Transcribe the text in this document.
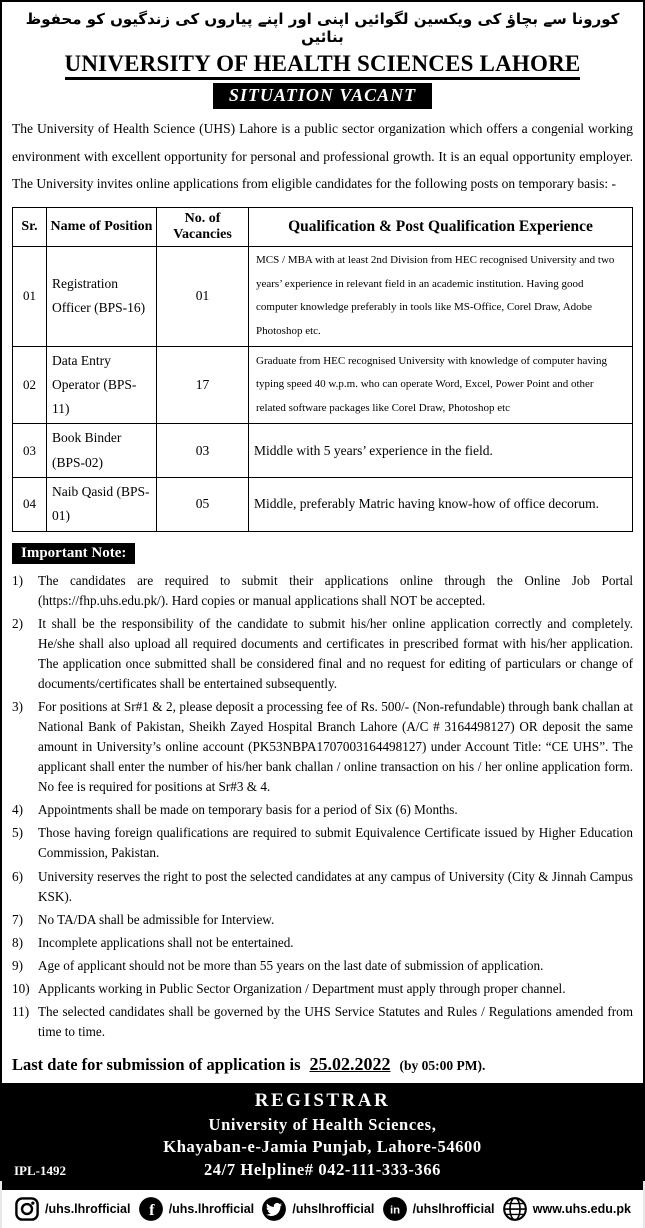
کورونا سے بچاؤ کی ویکسین لگوائیں اپنی اور اپنے پیاروں کی زندگیوں کو محفوظ بنائیں
UNIVERSITY OF HEALTH SCIENCES LAHORE
SITUATION VACANT

The University of Health Science (UHS) Lahore is a public sector organization which offers a congenial working environment with excellent opportunity for personal and professional growth. It is an equal opportunity employer. The University invites online applications from eligible candidates for the following posts on temporary basis: -

Sr.	Name of Position	No. of Vacancies	Qualification & Post Qualification Experience
01	Registration Officer (BPS-16)	01	MCS / MBA with at least 2nd Division from HEC recognised University and two years’ experience in relevant field in an academic institution. Having good computer knowledge preferably in tools like MS-Office, Corel Draw, Adobe Photoshop etc.
02	Data Entry Operator (BPS-11)	17	Graduate from HEC recognised University with knowledge of computer having typing speed 40 w.p.m. who can operate Word, Excel, Power Point and other related software packages like Corel Draw, Photoshop etc
03	Book Binder (BPS-02)	03	Middle with 5 years’ experience in the field.
04	Naib Qasid (BPS-01)	05	Middle, preferably Matric having know-how of office decorum.
Important Note:
1)	The candidates are required to submit their applications online through the Online Job Portal (https://fhp.uhs.edu.pk/). Hard copies or manual applications shall NOT be accepted.
2)	It shall be the responsibility of the candidate to submit his/her online application correctly and completely. He/she shall also upload all required documents and certificates in prescribed format with his/her application. The application once submitted shall be considered final and no request for editing of particulars or change of documents/certificates shall be entertained subsequently.
3)	For positions at Sr#1 & 2, please deposit a processing fee of Rs. 500/- (Non-refundable) through bank challan at National Bank of Pakistan, Sheikh Zayed Hospital Branch Lahore (A/C # 3164498127) OR deposit the same amount in University’s online account (PK53NBPA1707003164498127) under Account Title: “CE UHS”. The applicant shall enter the number of his/her bank challan / online transaction on his / her online application form. No fee is required for positions at Sr#3 & 4.
4)	Appointments shall be made on temporary basis for a period of Six (6) Months.
5)	Those having foreign qualifications are required to submit Equivalence Certificate issued by Higher Education Commission, Pakistan.
6)	University reserves the right to post the selected candidates at any campus of University (City & Jinnah Campus KSK).
7)	No TA/DA shall be admissible for Interview.
8)	Incomplete applications shall not be entertained.
9)	Age of applicant should not be more than 55 years on the last date of submission of application.
10) Applicants working in Public Sector Organization / Department must apply through proper channel.
11) The selected candidates shall be governed by the UHS Service Statutes and Rules / Regulations amended from time to time.
Last date for submission of application is 25.02.2022 (by 05:00 PM).
IPL-1492
REGISTRAR
University of Health Sciences,
Khayaban-e-Jamia Punjab, Lahore-54600
24/7 Helpline# 042-111-333-366
/uhs.lhrofficial f /uhs.lhrofficial	/uhslhrofficial in /uhslhrofficial	www.uhs.edu.pk
